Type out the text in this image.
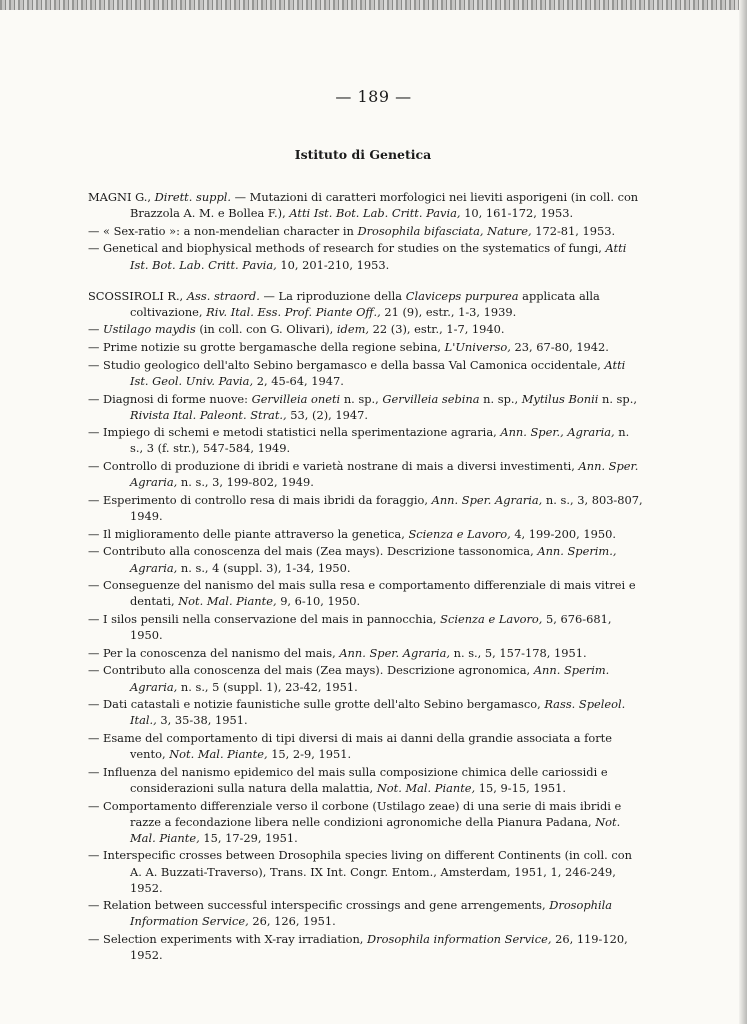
— 189 —
Istituto di Genetica

MAGNI G., Dirett. suppl. — Mutazioni di caratteri morfologici nei lieviti asporigeni (in coll. con Brazzola A. M. e Bollea F.), Atti Ist. Bot. Lab. Critt. Pavia, 10, 161-172, 1953.

— « Sex-ratio »: a non-mendelian character in Drosophila bifasciata, Nature, 172-81, 1953.

— Genetical and biophysical methods of research for studies on the systematics of fungi, Atti Ist. Bot. Lab. Critt. Pavia, 10, 201-210, 1953.

SCOSSIROLI R., Ass. straord. — La riproduzione della Claviceps purpurea applicata alla coltivazione, Riv. Ital. Ess. Prof. Piante Off., 21 (9), estr., 1-3, 1939.

— Ustilago maydis (in coll. con G. Olivari), idem, 22 (3), estr., 1-7, 1940.

— Prime notizie su grotte bergamasche della regione sebina, L'Universo, 23, 67-80, 1942.

— Studio geologico dell'alto Sebino bergamasco e della bassa Val Camonica occidentale, Atti Ist. Geol. Univ. Pavia, 2, 45-64, 1947.

— Diagnosi di forme nuove: Gervilleia oneti n. sp., Gervilleia sebina n. sp., Mytilus Bonii n. sp., Rivista Ital. Paleont. Strat., 53, (2), 1947.

— Impiego di schemi e metodi statistici nella sperimentazione agraria, Ann. Sper., Agraria, n. s., 3 (f. str.), 547-584, 1949.

— Controllo di produzione di ibridi e varietà nostrane di mais a diversi investimenti, Ann. Sper. Agraria, n. s., 3, 199-802, 1949.

— Esperimento di controllo resa di mais ibridi da foraggio, Ann. Sper. Agraria, n. s., 3, 803-807, 1949.

— Il miglioramento delle piante attraverso la genetica, Scienza e Lavoro, 4, 199-200, 1950.

— Contributo alla conoscenza del mais (Zea mays). Descrizione tassonomica, Ann. Sperim., Agraria, n. s., 4 (suppl. 3), 1-34, 1950.

— Conseguenze del nanismo del mais sulla resa e comportamento differenziale di mais vitrei e dentati, Not. Mal. Piante, 9, 6-10, 1950.

— I silos pensili nella conservazione del mais in pannocchia, Scienza e Lavoro, 5, 676-681, 1950.

— Per la conoscenza del nanismo del mais, Ann. Sper. Agraria, n. s., 5, 157-178, 1951.

— Contributo alla conoscenza del mais (Zea mays). Descrizione agronomica, Ann. Sperim. Agraria, n. s., 5 (suppl. 1), 23-42, 1951.

— Dati catastali e notizie faunistiche sulle grotte dell'alto Sebino bergamasco, Rass. Speleol. Ital., 3, 35-38, 1951.

— Esame del comportamento di tipi diversi di mais ai danni della grandie associata a forte vento, Not. Mal. Piante, 15, 2-9, 1951.

— Influenza del nanismo epidemico del mais sulla composizione chimica delle cariossidi e considerazioni sulla natura della malattia, Not. Mal. Piante, 15, 9-15, 1951.

— Comportamento differenziale verso il corbone (Ustilago zeae) di una serie di mais ibridi e razze a fecondazione libera nelle condizioni agronomiche della Pianura Padana, Not. Mal. Piante, 15, 17-29, 1951.

— Interspecific crosses between Drosophila species living on different Continents (in coll. con A. A. Buzzati-Traverso), Trans. IX Int. Congr. Entom., Amsterdam, 1951, 1, 246-249, 1952.

— Relation between successful interspecific crossings and gene arrengements, Drosophila Information Service, 26, 126, 1951.

— Selection experiments with X-ray irradiation, Drosophila information Service, 26, 119-120, 1952.
